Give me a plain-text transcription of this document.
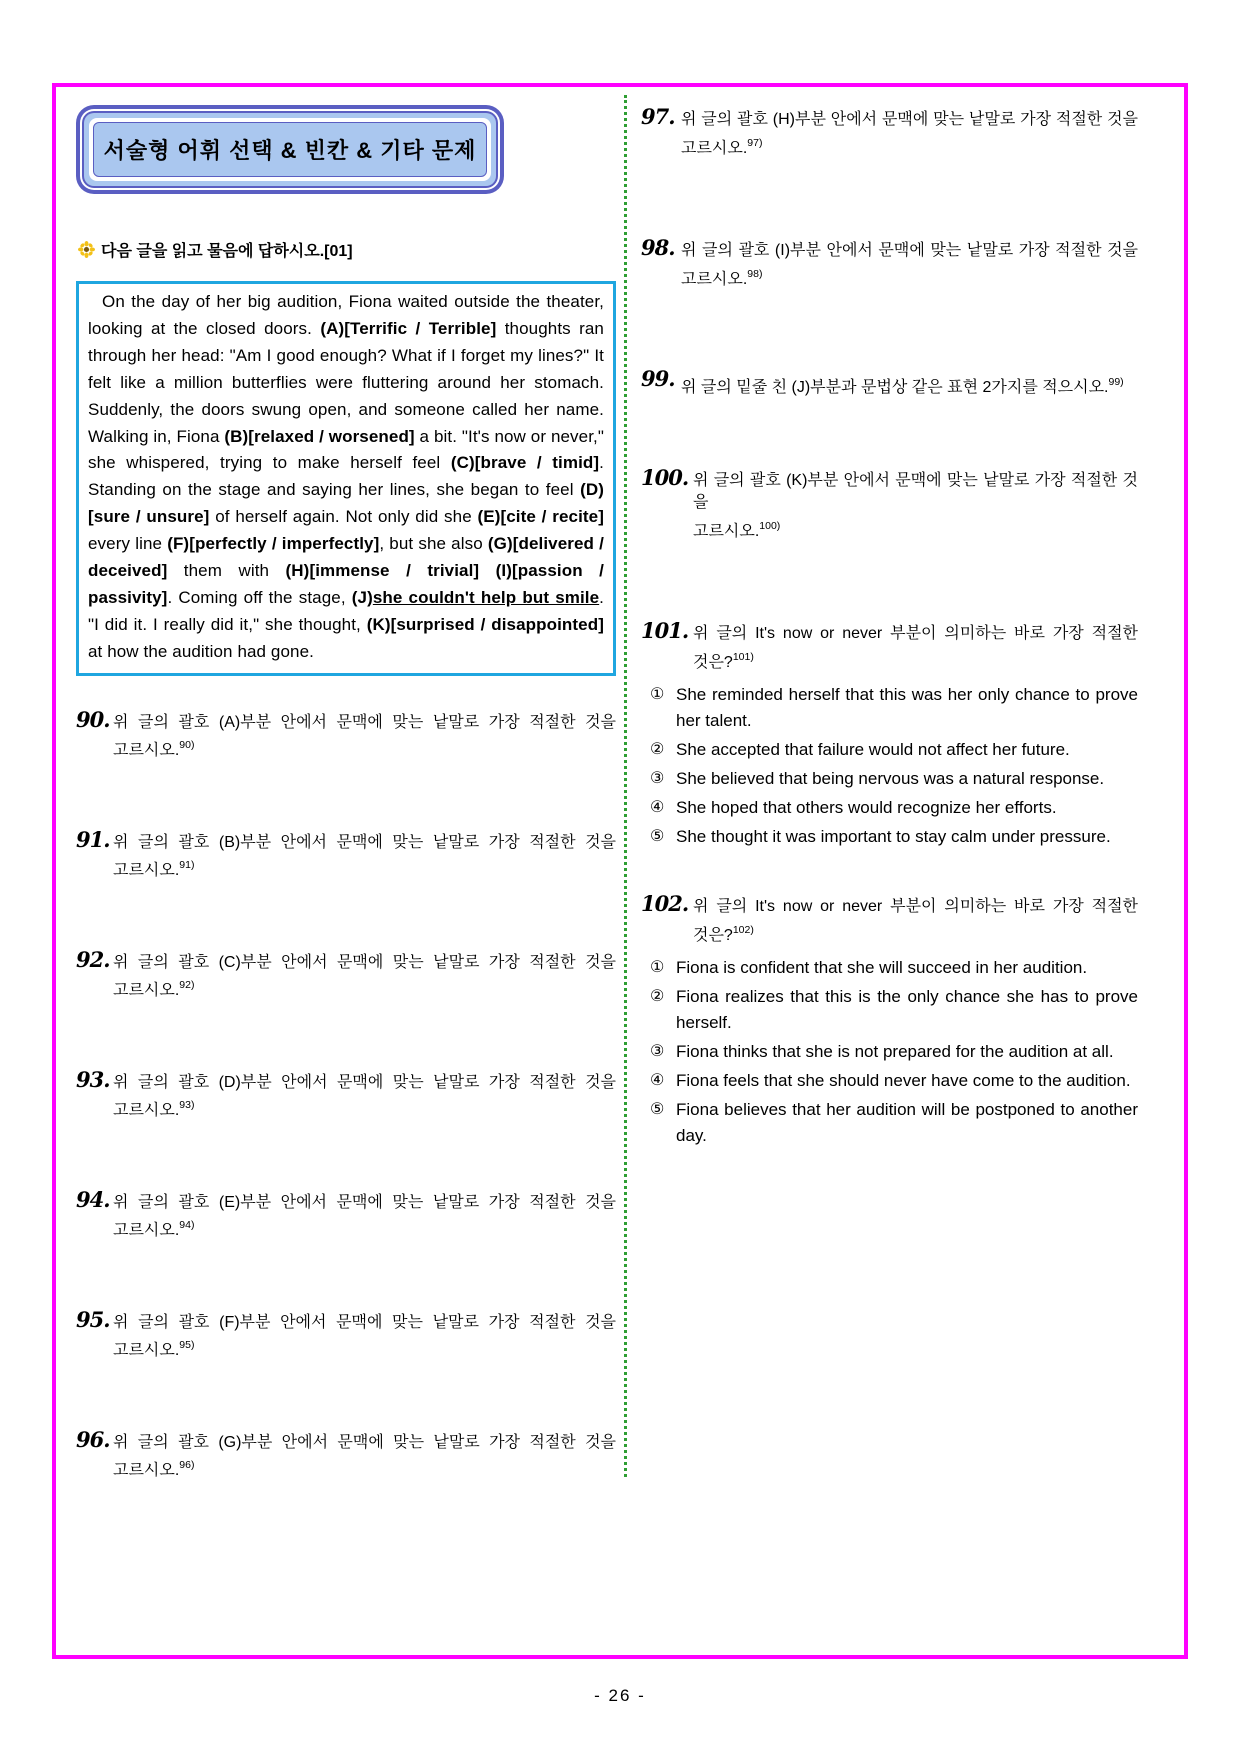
서술형 어휘 선택 & 빈칸 & 기타 문제
다음 글을 읽고 물음에 답하시오.[01]
On the day of her big audition, Fiona waited outside the theater, looking at the closed doors. (A)[Terrific / Terrible] thoughts ran through her head: "Am I good enough? What if I forget my lines?" It felt like a million butterflies were fluttering around her stomach. Suddenly, the doors swung open, and someone called her name. Walking in, Fiona (B)[relaxed / worsened] a bit. "It's now or never," she whispered, trying to make herself feel (C)[brave / timid]. Standing on the stage and saying her lines, she began to feel (D)[sure / unsure] of herself again. Not only did she (E)[cite / recite] every line (F)[perfectly / imperfectly], but she also (G)[delivered / deceived] them with (H)[immense / trivial] (I)[passion / passivity]. Coming off the stage, (J)she couldn't help but smile. "I did it. I really did it," she thought, (K)[surprised / disappointed] at how the audition had gone.
90. 위 글의 괄호 (A)부분 안에서 문맥에 맞는 낱말로 가장 적절한 것을
고르시오.$^{90)}$
91. 위 글의 괄호 (B)부분 안에서 문맥에 맞는 낱말로 가장 적절한 것을
고르시오.$^{91)}$
92. 위 글의 괄호 (C)부분 안에서 문맥에 맞는 낱말로 가장 적절한 것을
고르시오.$^{92)}$
93. 위 글의 괄호 (D)부분 안에서 문맥에 맞는 낱말로 가장 적절한 것을
고르시오.$^{93)}$
94. 위 글의 괄호 (E)부분 안에서 문맥에 맞는 낱말로 가장 적절한 것을
고르시오.$^{94)}$
95. 위 글의 괄호 (F)부분 안에서 문맥에 맞는 낱말로 가장 적절한 것을
고르시오.$^{95)}$
96. 위 글의 괄호 (G)부분 안에서 문맥에 맞는 낱말로 가장 적절한 것을
고르시오.$^{96)}$
97. 위 글의 괄호 (H)부분 안에서 문맥에 맞는 낱말로 가장 적절한 것을
고르시오.$^{97)}$
98. 위 글의 괄호 (I)부분 안에서 문맥에 맞는 낱말로 가장 적절한 것을
고르시오.$^{98)}$
99. 위 글의 밑줄 친 (J)부분과 문법상 같은 표현 2가지를 적으시오.$^{99)}$
100. 위 글의 괄호 (K)부분 안에서 문맥에 맞는 낱말로 가장 적절한 것을
고르시오.$^{100)}$
101. 위 글의 It's now or never 부분이 의미하는 바로 가장 적절한
것은?$^{101)}$
① She reminded herself that this was her only chance to prove her talent.
② She accepted that failure would not affect her future.
③ She believed that being nervous was a natural response.
④ She hoped that others would recognize her efforts.
⑤ She thought it was important to stay calm under pressure.
102. 위 글의 It's now or never 부분이 의미하는 바로 가장 적절한
것은?$^{102)}$
① Fiona is confident that she will succeed in her audition.
② Fiona realizes that this is the only chance she has to prove herself.
③ Fiona thinks that she is not prepared for the audition at all.
④ Fiona feels that she should never have come to the audition.
⑤ Fiona believes that her audition will be postponed to another day.
- 26 -
